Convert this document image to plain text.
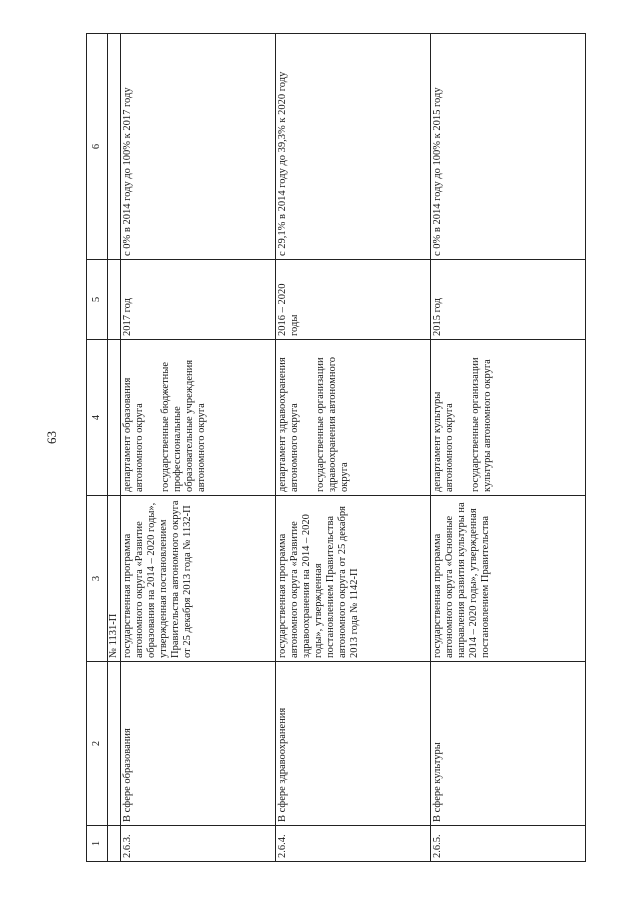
63
1	2	3	4	5	6
		№ 1131-П			
2.6.3.	В сфере образования	государственная программа автономного округа «Развитие образования на 2014 – 2020 годы», утвержденная постановлением Правительства автономного округа от 25 декабря 2013 года № 1132-П	департамент образования автономного округа государственные бюджетные профессиональные образовательные учреждения автономного округа	2017 год	с 0% в 2014 году до 100% к 2017 году
2.6.4.	В сфере здравоохранения	государственная программа автономного округа «Развитие здравоохранения на 2014 – 2020 годы», утвержденная постановлением Правительства автономного округа от 25 декабря 2013 года № 1142-П	департамент здравоохранения автономного округа государственные организации здравоохранения автономного округа	2016 – 2020 годы	с 29,1% в 2014 году до 39,3% к 2020 году
2.6.5.	В сфере культуры	государственная программа автономного округа «Основные направления развития культуры на 2014 – 2020 годы», утвержденная постановлением Правительства	департамент культуры автономного округа государственные организации культуры автономного округа	2015 год	с 0% в 2014 году до 100% к 2015 году
